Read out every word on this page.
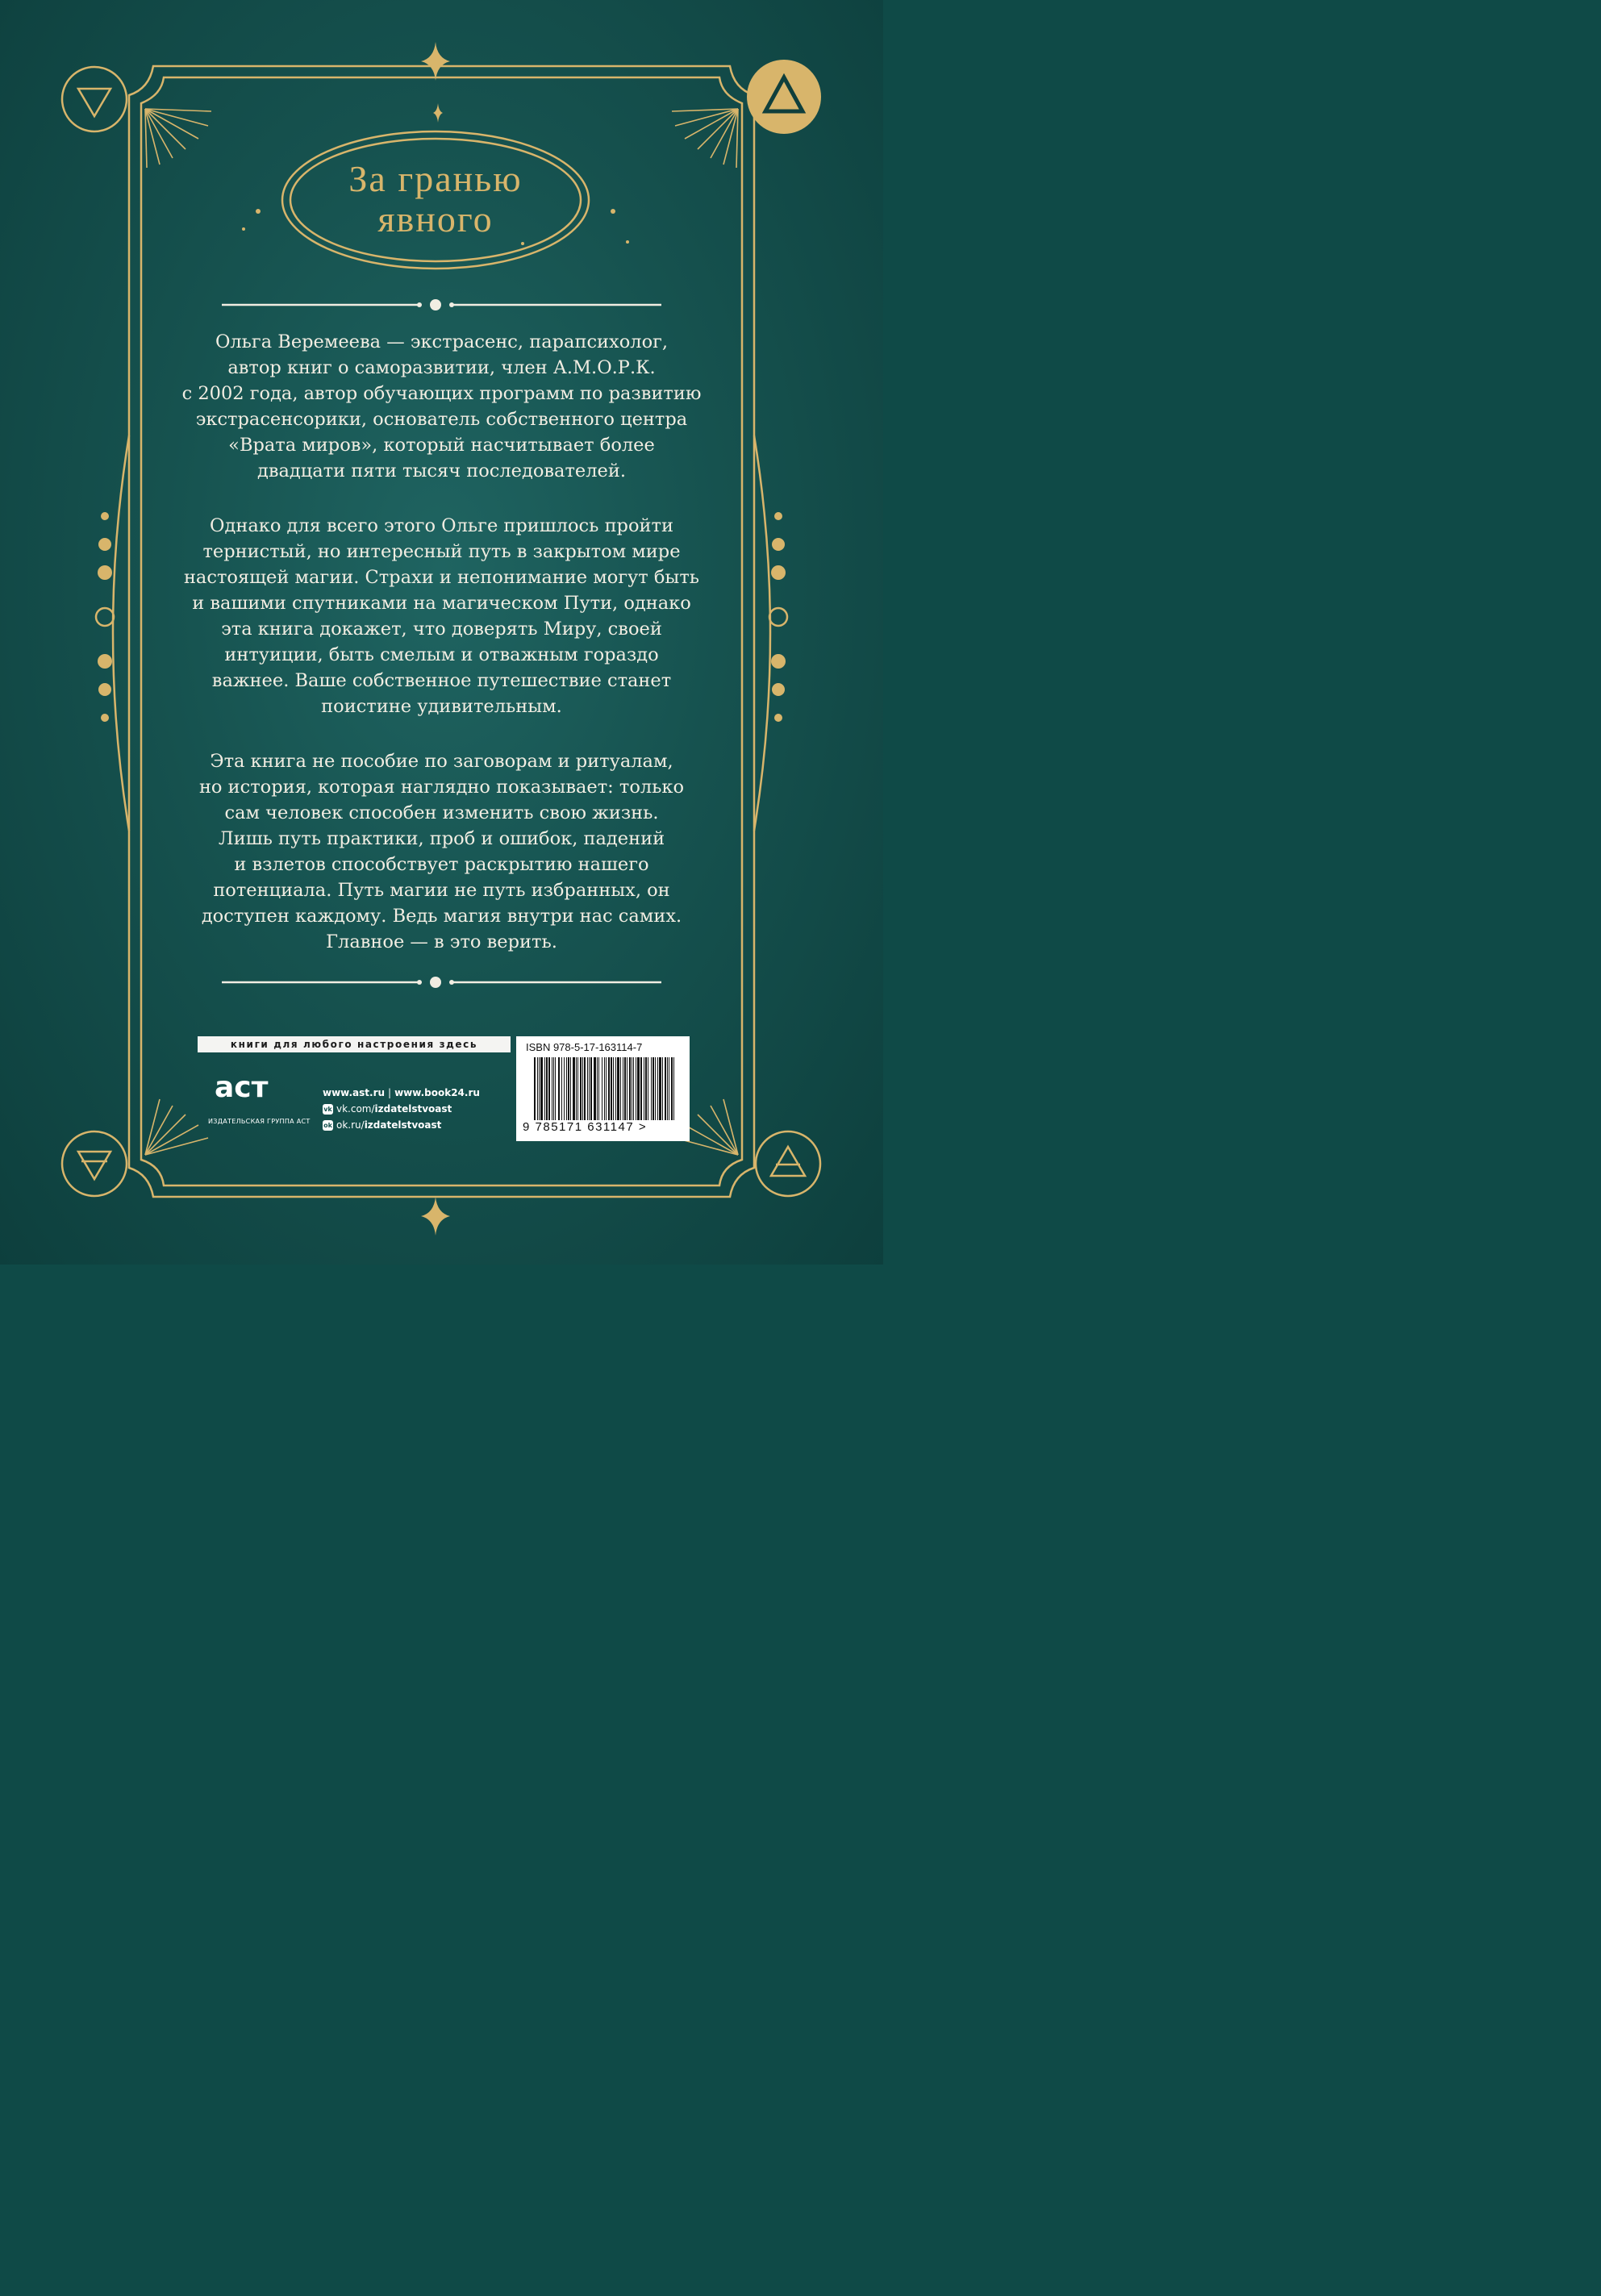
За гранью
явного

Ольга Веремеева — экстрасенс, парапсихолог,
автор книг о саморазвитии, член А.М.О.Р.К.
с 2002 года, автор обучающих программ по развитию
экстрасенсорики, основатель собственного центра
«Врата миров», который насчитывает более
двадцати пяти тысяч последователей.

Однако для всего этого Ольге пришлось пройти
тернистый, но интересный путь в закрытом мире
настоящей магии. Страхи и непонимание могут быть
и вашими спутниками на магическом Пути, однако
эта книга докажет, что доверять Миру, своей
интуиции, быть смелым и отважным гораздо
важнее. Ваше собственное путешествие станет
поистине удивительным.

Эта книга не пособие по заговорам и ритуалам,
но история, которая наглядно показывает: только
сам человек способен изменить свою жизнь.
Лишь путь практики, проб и ошибок, падений
и взлетов способствует раскрытию нашего
потенциала. Путь магии не путь избранных, он
доступен каждому. Ведь магия внутри нас самих.
Главное — в это верить.

книги для любого настроения здесь
аст
ИЗДАТЕЛЬСКАЯ ГРУППА АСТ
www.ast.ru | www.book24.ru
vk vk.com/ izdatelstvoast
ok ok.ru/ izdatelstvoast
ISBN 978-5-17-163114-7
9 785171 631147 >
